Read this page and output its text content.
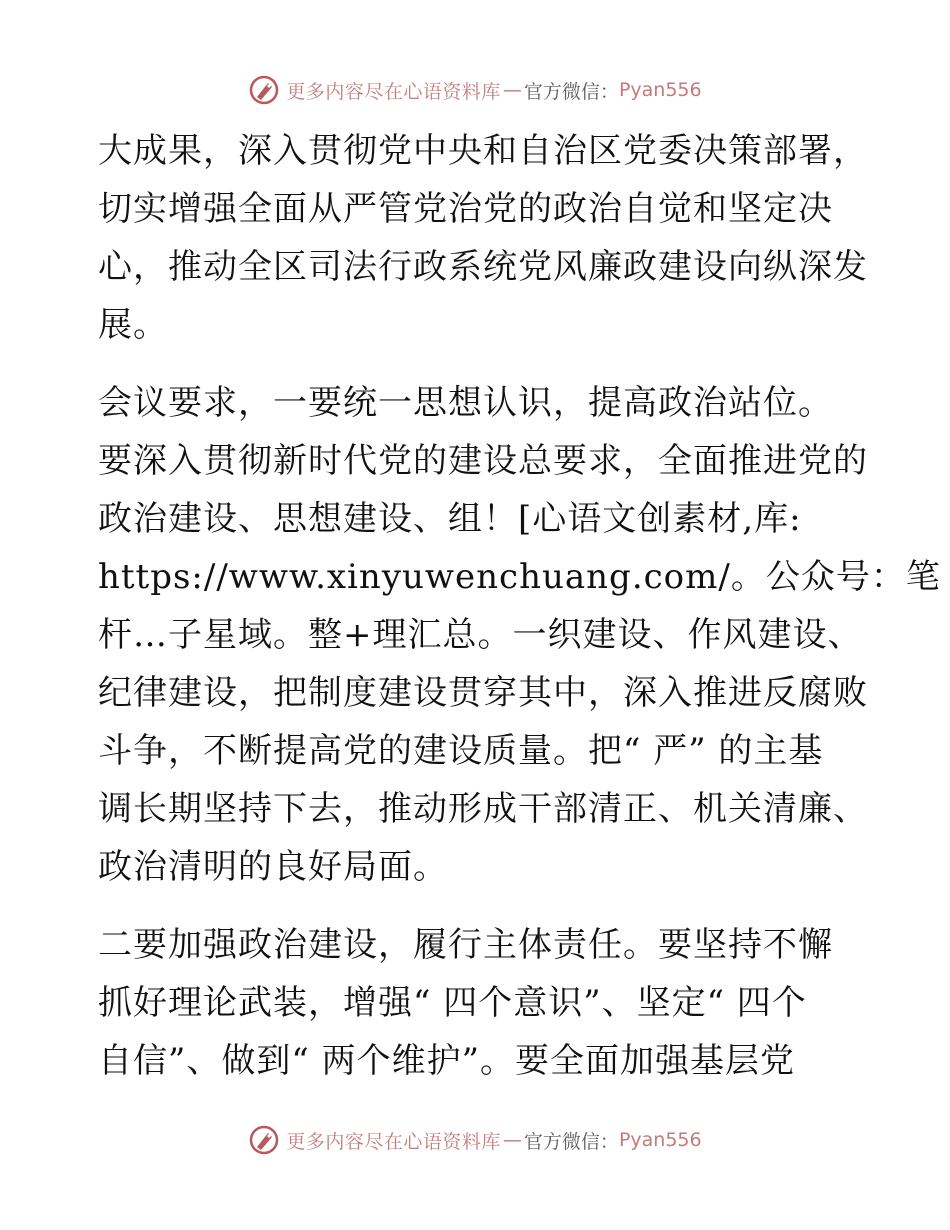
更多内容尽在心语资料库 — 官方微信： Pyan556

大成果，深入贯彻党中央和自治区党委决策部署，
切实增强全面从严管党治党的政治自觉和坚定决
心，推动全区司法行政系统党风廉政建设向纵深发
展。

会议要求，一要统一思想认识，提高政治站位。
要深入贯彻新时代党的建设总要求，全面推进党的
政治建设、思想建设、组！[心语文创素材,库:
https://www.xinyuwenchuang.com/。公众号：笔
杆…子星域。整+理汇总。一织建设、作风建设、
纪律建设，把制度建设贯穿其中，深入推进反腐败
斗争，不断提高党的建设质量。把“ 严” 的主基
调长期坚持下去，推动形成干部清正、机关清廉、
政治清明的良好局面。

二要加强政治建设，履行主体责任。要坚持不懈
抓好理论武装，增强“ 四个意识”、坚定“ 四个
自信”、做到“ 两个维护”。要全面加强基层党

更多内容尽在心语资料库 — 官方微信： Pyan556
